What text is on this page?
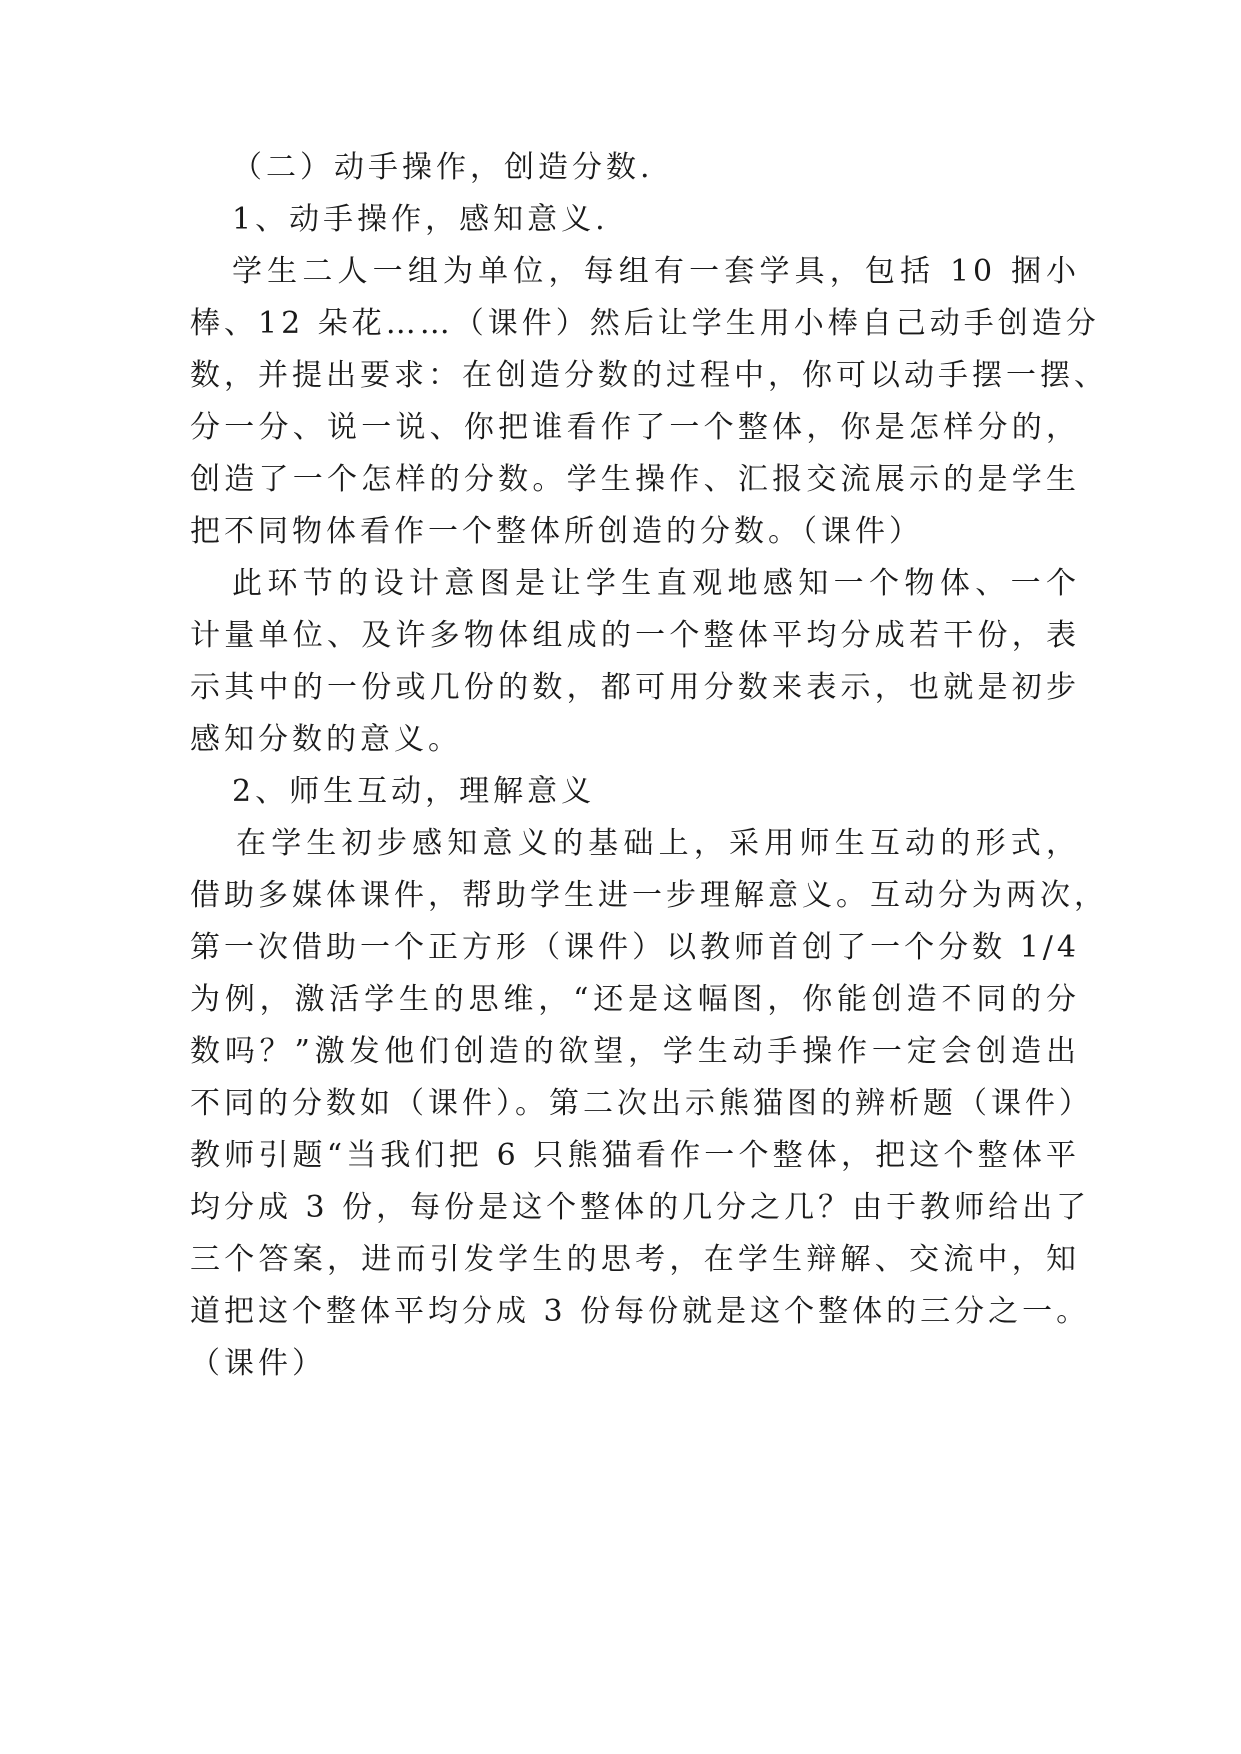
（二）动手操作，创造分数.
1、动手操作，感知意义.
学生二人一组为单位，每组有一套学具，包括 10 捆小
棒、12 朵花……（课件）然后让学生用小棒自己动手创造分
数，并提出要求：在创造分数的过程中，你可以动手摆一摆、
分一分、说一说、你把谁看作了一个整体，你是怎样分的，
创造了一个怎样的分数。学生操作、汇报交流展示的是学生
把不同物体看作一个整体所创造的分数。（课件）
此环节的设计意图是让学生直观地感知一个物体、一个
计量单位、及许多物体组成的一个整体平均分成若干份，表
示其中的一份或几份的数，都可用分数来表示，也就是初步
感知分数的意义。
2、师生互动，理解意义
在学生初步感知意义的基础上，采用师生互动的形式，
借助多媒体课件，帮助学生进一步理解意义。互动分为两次，
第一次借助一个正方形（课件）以教师首创了一个分数 1/4
为例，激活学生的思维，“还是这幅图，你能创造不同的分
数吗？”激发他们创造的欲望，学生动手操作一定会创造出
不同的分数如（课件）。第二次出示熊猫图的辨析题（课件）
教师引题“当我们把 6 只熊猫看作一个整体，把这个整体平
均分成 3 份，每份是这个整体的几分之几？由于教师给出了
三个答案，进而引发学生的思考，在学生辩解、交流中，知
道把这个整体平均分成 3 份每份就是这个整体的三分之一。
（课件）
